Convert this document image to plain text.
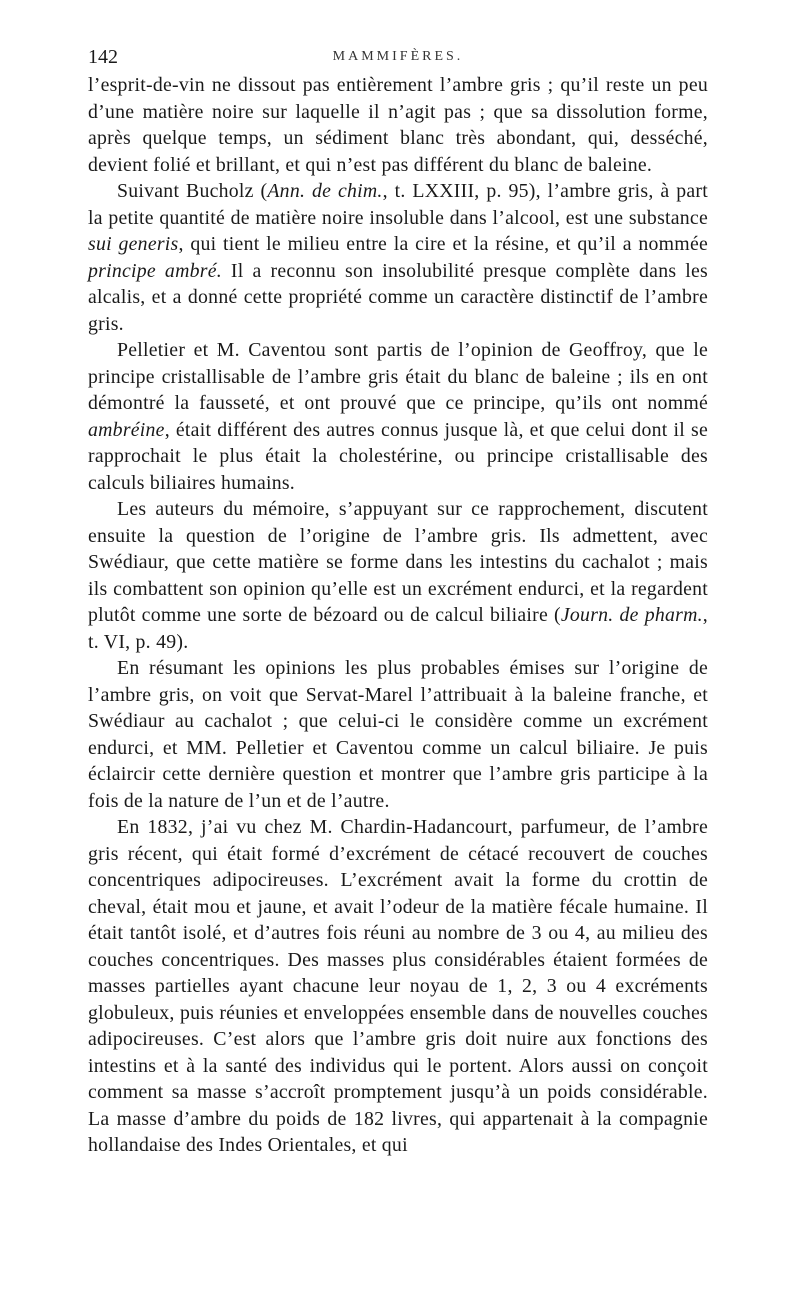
142	MAMMIFÈRES.

l’esprit-de-vin ne dissout pas entièrement l’ambre gris ; qu’il reste un peu d’une matière noire sur laquelle il n’agit pas ; que sa dissolution forme, après quelque temps, un sédiment blanc très abondant, qui, desséché, devient folié et brillant, et qui n’est pas différent du blanc de baleine.

Suivant Bucholz (Ann. de chim., t. LXXIII, p. 95), l’ambre gris, à part la petite quantité de matière noire insoluble dans l’alcool, est une substance sui generis, qui tient le milieu entre la cire et la résine, et qu’il a nommée principe ambré. Il a reconnu son insolubilité presque complète dans les alcalis, et a donné cette propriété comme un caractère distinctif de l’ambre gris.

Pelletier et M. Caventou sont partis de l’opinion de Geoffroy, que le principe cristallisable de l’ambre gris était du blanc de baleine ; ils en ont démontré la fausseté, et ont prouvé que ce principe, qu’ils ont nommé ambréine, était différent des autres connus jusque là, et que celui dont il se rapprochait le plus était la cholestérine, ou principe cristallisable des calculs biliaires humains.

Les auteurs du mémoire, s’appuyant sur ce rapprochement, discutent ensuite la question de l’origine de l’ambre gris. Ils admettent, avec Swédiaur, que cette matière se forme dans les intestins du cachalot ; mais ils combattent son opinion qu’elle est un excrément endurci, et la regardent plutôt comme une sorte de bézoard ou de calcul biliaire (Journ. de pharm., t. VI, p. 49).

En résumant les opinions les plus probables émises sur l’origine de l’ambre gris, on voit que Servat-Marel l’attribuait à la baleine franche, et Swédiaur au cachalot ; que celui-ci le considère comme un excrément endurci, et MM. Pelletier et Caventou comme un calcul biliaire. Je puis éclaircir cette dernière question et montrer que l’ambre gris participe à la fois de la nature de l’un et de l’autre.

En 1832, j’ai vu chez M. Chardin-Hadancourt, parfumeur, de l’ambre gris récent, qui était formé d’excrément de cétacé recouvert de couches concentriques adipocireuses. L’excrément avait la forme du crottin de cheval, était mou et jaune, et avait l’odeur de la matière fécale humaine. Il était tantôt isolé, et d’autres fois réuni au nombre de 3 ou 4, au milieu des couches concentriques. Des masses plus considérables étaient formées de masses partielles ayant chacune leur noyau de 1, 2, 3 ou 4 excréments globuleux, puis réunies et enveloppées ensemble dans de nouvelles couches adipocireuses. C’est alors que l’ambre gris doit nuire aux fonctions des intestins et à la santé des individus qui le portent. Alors aussi on conçoit comment sa masse s’accroît promptement jusqu’à un poids considérable. La masse d’ambre du poids de 182 livres, qui appartenait à la compagnie hollandaise des Indes Orientales, et qui
